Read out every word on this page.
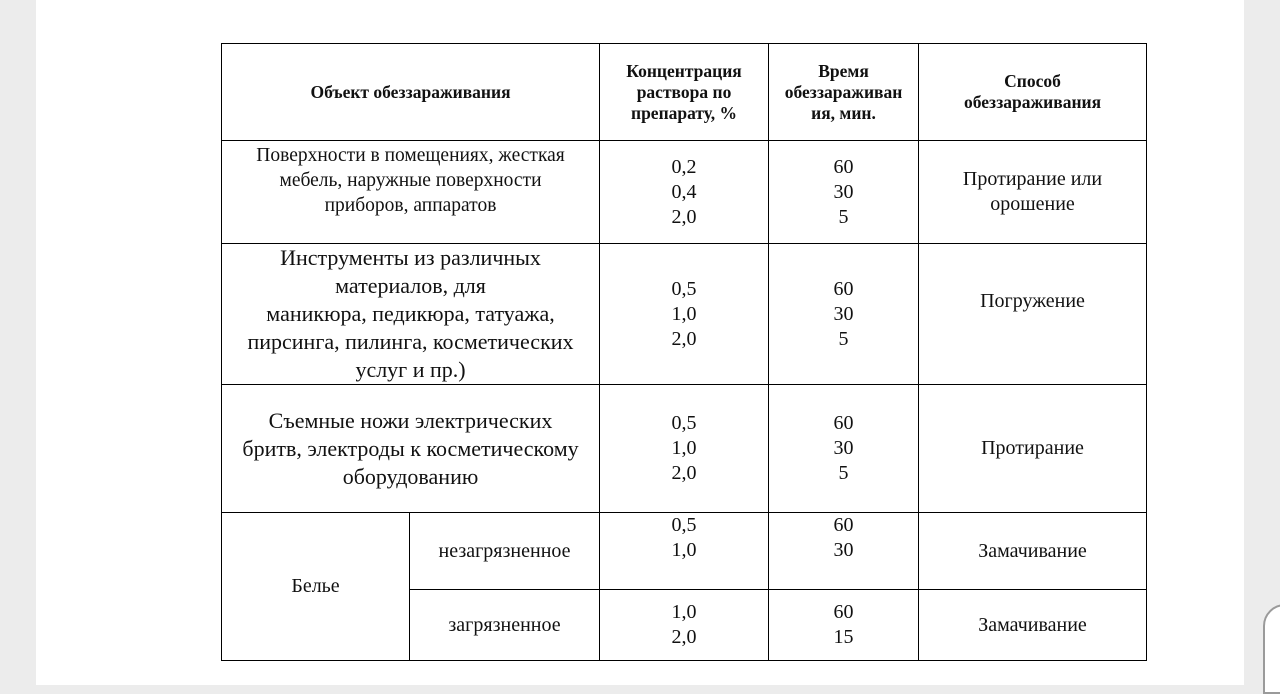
Объект обеззараживания		Концентрация
раствора по
препарату, %	Время
обеззараживан
ия, мин.	Способ
обеззараживания
Поверхности в помещениях, жесткая
мебель, наружные поверхности
приборов, аппаратов		0,2
0,4
2,0	60
30
5	Протирание или
орошение
Инструменты из различных
материалов, для
маникюра, педикюра, татуажа,
пирсинга, пилинга, косметических
услуг и пр.)		0,5
1,0
2,0	60
30
5	Погружение
Съемные ножи электрических
бритв, электроды к косметическому
оборудованию		0,5
1,0
2,0	60
30
5	Протирание
Белье	незагрязненное	0,5
1,0	60
30	Замачивание
	загрязненное	1,0
2,0	60
15	Замачивание
